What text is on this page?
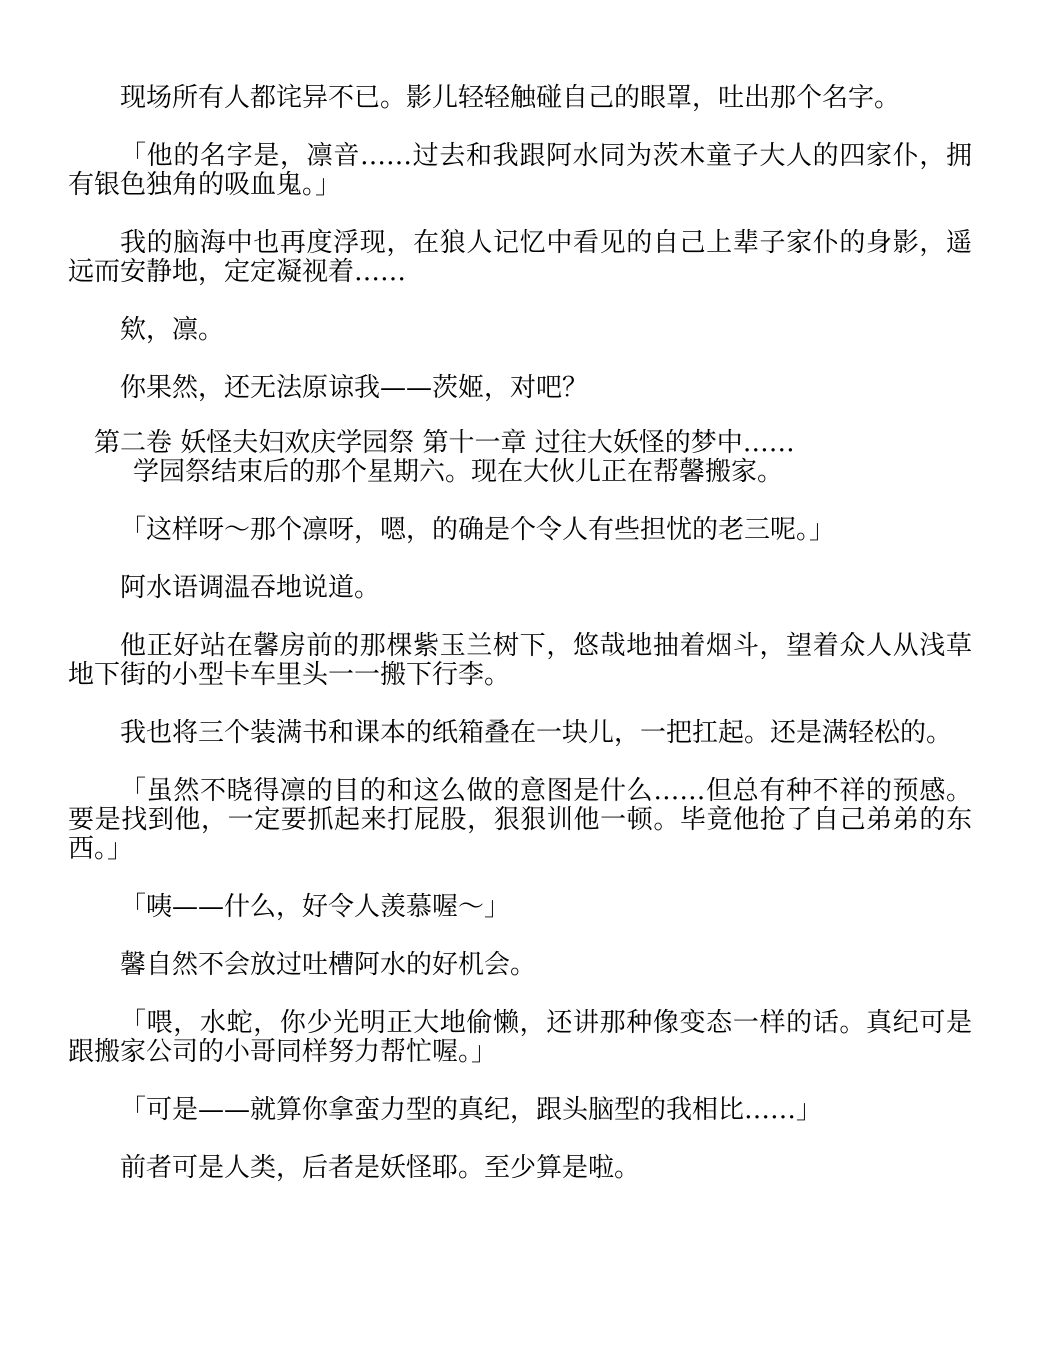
现场所有人都诧异不已。影儿轻轻触碰自己的眼罩，吐出那个名字。

「他的名字是，凛音……过去和我跟阿水同为茨木童子大人的四家仆，拥有银色独角的吸血鬼。」

我的脑海中也再度浮现，在狼人记忆中看见的自己上辈子家仆的身影，遥远而安静地，定定凝视着……

欸，凛。

你果然，还无法原谅我——茨姬，对吧？

第二卷 妖怪夫妇欢庆学园祭 第十一章 过往大妖怪的梦中……

学园祭结束后的那个星期六。现在大伙儿正在帮馨搬家。

「这样呀～那个凛呀，嗯，的确是个令人有些担忧的老三呢。」

阿水语调温吞地说道。

他正好站在馨房前的那棵紫玉兰树下，悠哉地抽着烟斗，望着众人从浅草地下街的小型卡车里头一一搬下行李。

我也将三个装满书和课本的纸箱叠在一块儿，一把扛起。还是满轻松的。

「虽然不晓得凛的目的和这么做的意图是什么……但总有种不祥的预感。要是找到他，一定要抓起来打屁股，狠狠训他一顿。毕竟他抢了自己弟弟的东西。」

「咦——什么，好令人羡慕喔～」

馨自然不会放过吐槽阿水的好机会。

「喂，水蛇，你少光明正大地偷懒，还讲那种像变态一样的话。真纪可是跟搬家公司的小哥同样努力帮忙喔。」

「可是——就算你拿蛮力型的真纪，跟头脑型的我相比……」

前者可是人类，后者是妖怪耶。至少算是啦。
